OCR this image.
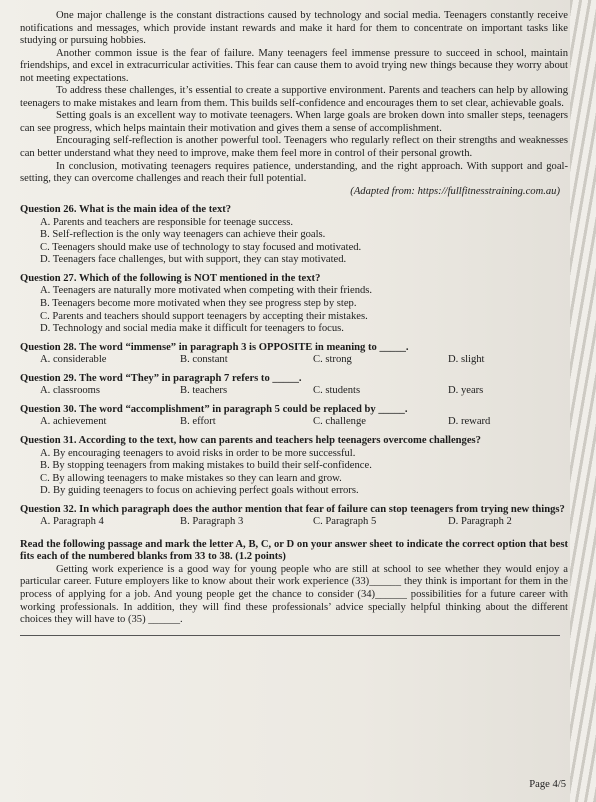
One major challenge is the constant distractions caused by technology and social media. Teenagers constantly receive notifications and messages, which provide instant rewards and make it hard for them to concentrate on important tasks like studying or pursuing hobbies.

Another common issue is the fear of failure. Many teenagers feel immense pressure to succeed in school, maintain friendships, and excel in extracurricular activities. This fear can cause them to avoid trying new things because they worry about not meeting expectations.

To address these challenges, it’s essential to create a supportive environment. Parents and teachers can help by allowing teenagers to make mistakes and learn from them. This builds self-confidence and encourages them to set clear, achievable goals.

Setting goals is an excellent way to motivate teenagers. When large goals are broken down into smaller steps, teenagers can see progress, which helps maintain their motivation and gives them a sense of accomplishment.

Encouraging self-reflection is another powerful tool. Teenagers who regularly reflect on their strengths and weaknesses can better understand what they need to improve, make them feel more in control of their personal growth.

In conclusion, motivating teenagers requires patience, understanding, and the right approach. With support and goal-setting, they can overcome challenges and reach their full potential.

(Adapted from: https://fullfitnesstraining.com.au)

Question 26. What is the main idea of the text?

A. Parents and teachers are responsible for teenage success.

B. Self-reflection is the only way teenagers can achieve their goals.

C. Teenagers should make use of technology to stay focused and motivated.

D. Teenagers face challenges, but with support, they can stay motivated.

Question 27. Which of the following is NOT mentioned in the text?

A. Teenagers are naturally more motivated when competing with their friends.

B. Teenagers become more motivated when they see progress step by step.

C. Parents and teachers should support teenagers by accepting their mistakes.

D. Technology and social media make it difficult for teenagers to focus.

Question 28. The word “immense” in paragraph 3 is OPPOSITE in meaning to _____.

A. considerable	B. constant	C. strong	D. slight

Question 29. The word “They” in paragraph 7 refers to _____.

A. classrooms	B. teachers	C. students	D. years

Question 30. The word “accomplishment” in paragraph 5 could be replaced by _____.

A. achievement	B. effort	C. challenge	D. reward

Question 31. According to the text, how can parents and teachers help teenagers overcome challenges?

A. By encouraging teenagers to avoid risks in order to be more successful.

B. By stopping teenagers from making mistakes to build their self-confidence.

C. By allowing teenagers to make mistakes so they can learn and grow.

D. By guiding teenagers to focus on achieving perfect goals without errors.

Question 32. In which paragraph does the author mention that fear of failure can stop teenagers from trying new things?

A. Paragraph 4	B. Paragraph 3	C. Paragraph 5	D. Paragraph 2

Read the following passage and mark the letter A, B, C, or D on your answer sheet to indicate the correct option that best fits each of the numbered blanks from 33 to 38. (1.2 points)

Getting work experience is a good way for young people who are still at school to see whether they would enjoy a particular career. Future employers like to know about their work experience (33)______ they think is important for them in the process of applying for a job. And young people get the chance to consider (34)______ possibilities for a future career with working professionals. In addition, they will find these professionals’ advice specially helpful thinking about the different choices they will have to (35) ______.

Page 4/5
